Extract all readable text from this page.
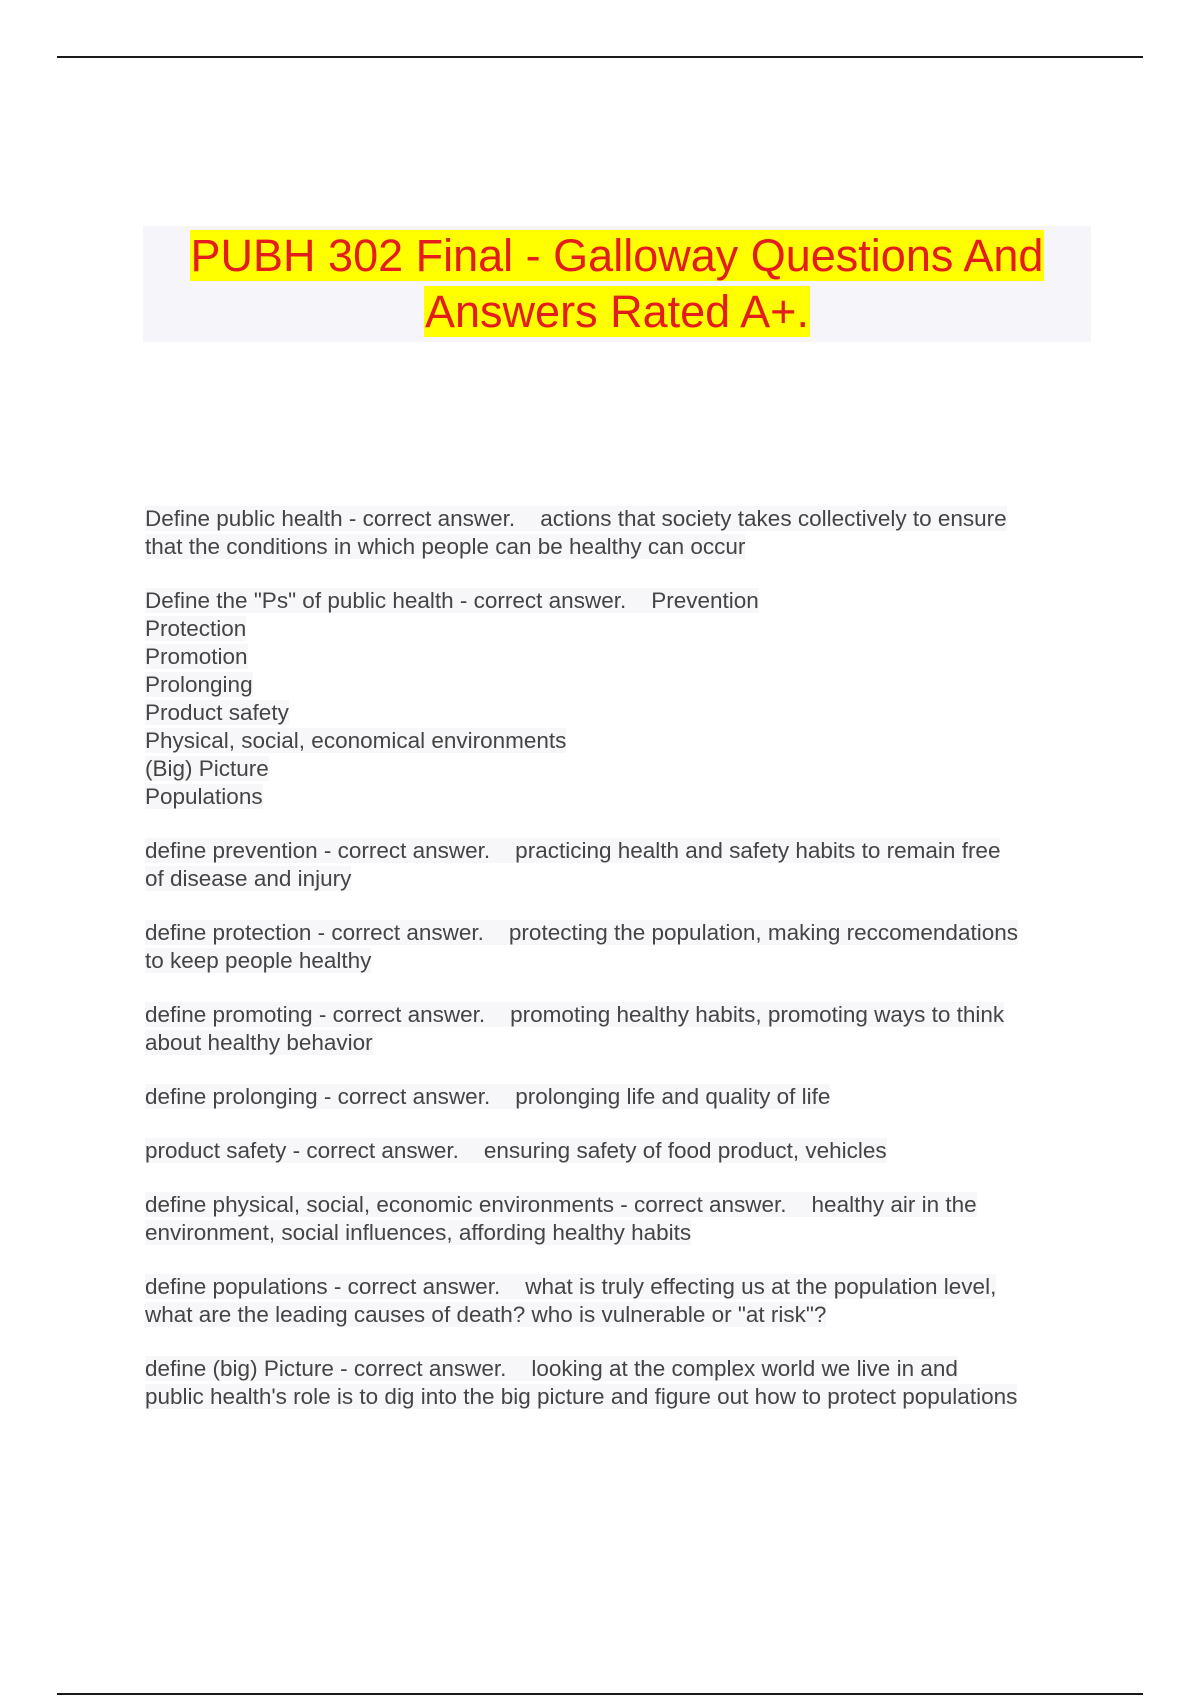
PUBH 302 Final - Galloway Questions And
Answers Rated A+.
Define public health - correct answer.    actions that society takes collectively to ensure
that the conditions in which people can be healthy can occur
Define the "Ps" of public health - correct answer.    Prevention
Protection
Promotion
Prolonging
Product safety
Physical, social, economical environments
(Big) Picture
Populations
define prevention - correct answer.    practicing health and safety habits to remain free
of disease and injury
define protection - correct answer.    protecting the population, making reccomendations
to keep people healthy
define promoting - correct answer.    promoting healthy habits, promoting ways to think
about healthy behavior
define prolonging - correct answer.    prolonging life and quality of life
product safety - correct answer.    ensuring safety of food product, vehicles
define physical, social, economic environments - correct answer.    healthy air in the
environment, social influences, affording healthy habits
define populations - correct answer.    what is truly effecting us at the population level,
what are the leading causes of death? who is vulnerable or "at risk"?
define (big) Picture - correct answer.    looking at the complex world we live in and
public health's role is to dig into the big picture and figure out how to protect populations
